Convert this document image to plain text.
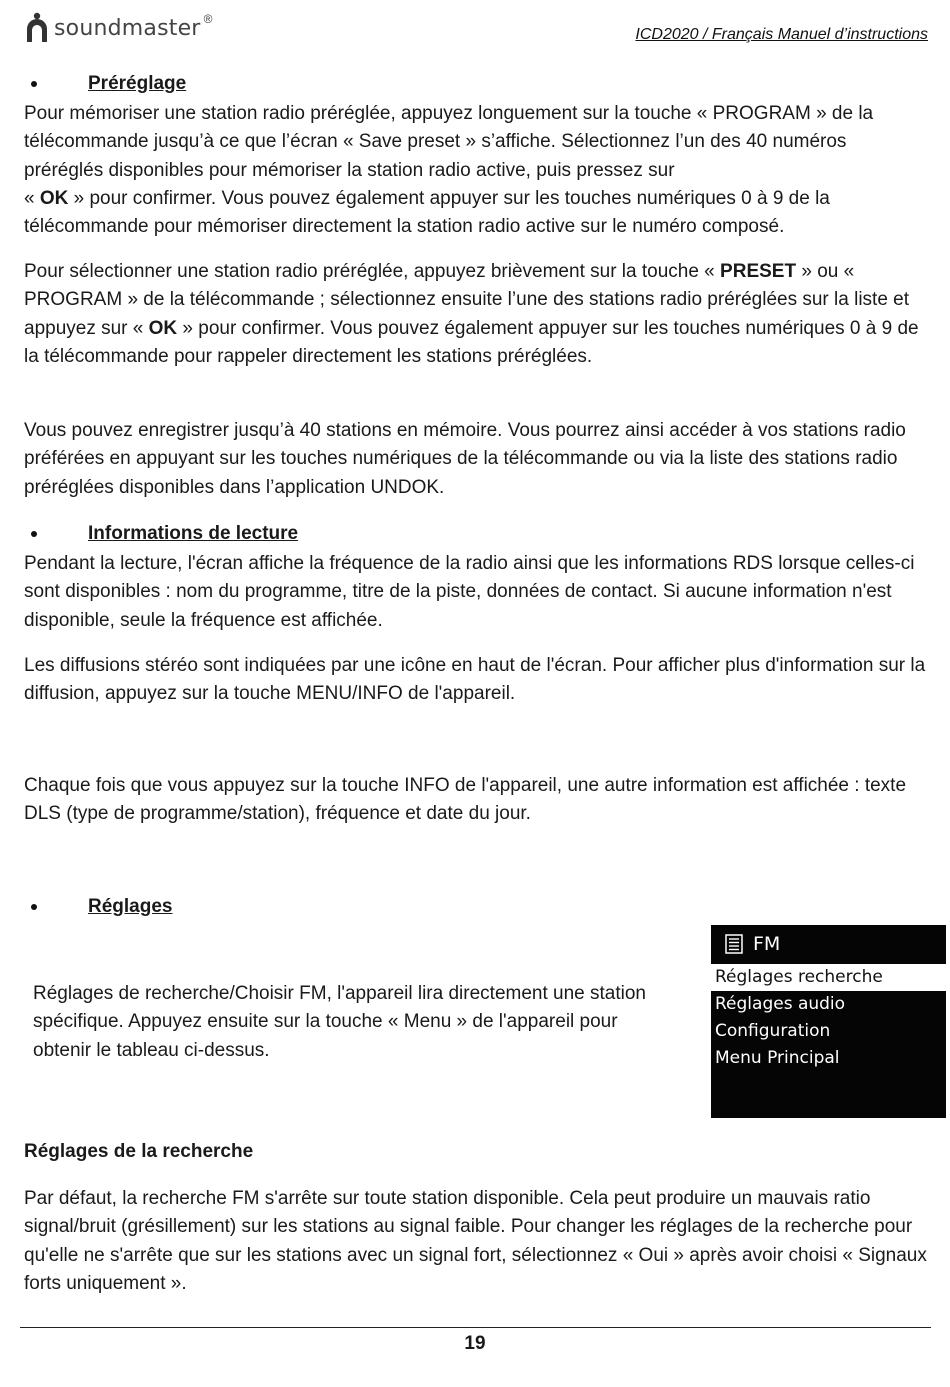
soundmaster ®
ICD2020 / Français Manuel d’instructions
Préréglage

Pour mémoriser une station radio préréglée, appuyez longuement sur la touche « PROGRAM » de la télécommande jusqu’à ce que l’écran « Save preset » s’affiche. Sélectionnez l’un des 40 numéros préréglés disponibles pour mémoriser la station radio active, puis pressez sur
« OK » pour confirmer. Vous pouvez également appuyer sur les touches numériques 0 à 9 de la télécommande pour mémoriser directement la station radio active sur le numéro composé.

Pour sélectionner une station radio préréglée, appuyez brièvement sur la touche « PRESET » ou « PROGRAM » de la télécommande ; sélectionnez ensuite l’une des stations radio préréglées sur la liste et appuyez sur « OK » pour confirmer. Vous pouvez également appuyer sur les touches numériques 0 à 9 de la télécommande pour rappeler directement les stations préréglées.

Vous pouvez enregistrer jusqu’à 40 stations en mémoire. Vous pourrez ainsi accéder à vos stations radio préférées en appuyant sur les touches numériques de la télécommande ou via la liste des stations radio préréglées disponibles dans l’application UNDOK.

Informations de lecture

Pendant la lecture, l'écran affiche la fréquence de la radio ainsi que les informations RDS lorsque celles-ci sont disponibles : nom du programme, titre de la piste, données de contact. Si aucune information n'est disponible, seule la fréquence est affichée.

Les diffusions stéréo sont indiquées par une icône en haut de l'écran. Pour afficher plus d'information sur la diffusion, appuyez sur la touche MENU/INFO de l'appareil.

Chaque fois que vous appuyez sur la touche INFO de l'appareil, une autre information est affichée : texte DLS (type de programme/station), fréquence et date du jour.

Réglages

Réglages de recherche/Choisir FM, l'appareil lira directement une station spécifique. Appuyez ensuite sur la touche « Menu » de l'appareil pour obtenir le tableau ci-dessus.

FM
Réglages recherche
Réglages audio
Configuration
Menu Principal

Réglages de la recherche

Par défaut, la recherche FM s'arrête sur toute station disponible. Cela peut produire un mauvais ratio signal/bruit (grésillement) sur les stations au signal faible. Pour changer les réglages de la recherche pour qu'elle ne s'arrête que sur les stations avec un signal fort, sélectionnez « Oui » après avoir choisi « Signaux forts uniquement ».

19
